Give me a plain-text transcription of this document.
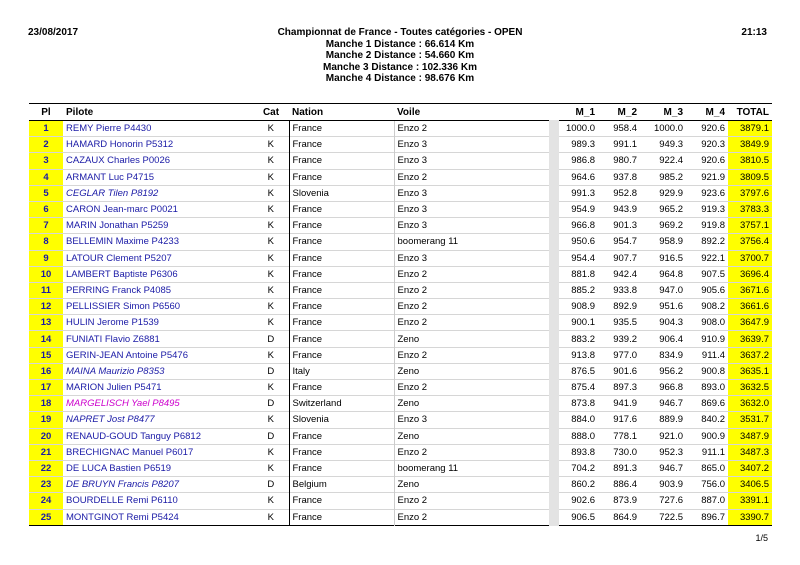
23/08/2017	Championnat de France - Toutes catégories - OPEN
Manche 1 Distance : 66.614 Km
Manche 2 Distance : 54.660 Km
Manche 3 Distance : 102.336 Km
Manche 4 Distance : 98.676 Km
21:13
Pl	Pilote	Cat	Nation	Voile	M_1	M_2	M_3	M_4	TOTAL
1	REMY Pierre P4430	K	France	Enzo 2	1000.0	958.4	1000.0	920.6	3879.1
2	HAMARD Honorin P5312	K	France	Enzo 3	989.3	991.1	949.3	920.3	3849.9
3	CAZAUX Charles P0026	K	France	Enzo 3	986.8	980.7	922.4	920.6	3810.5
4	ARMANT Luc P4715	K	France	Enzo 2	964.6	937.8	985.2	921.9	3809.5
5	CEGLAR Tilen P8192	K	Slovenia	Enzo 3	991.3	952.8	929.9	923.6	3797.6
6	CARON Jean-marc P0021	K	France	Enzo 3	954.9	943.9	965.2	919.3	3783.3
7	MARIN Jonathan P5259	K	France	Enzo 3	966.8	901.3	969.2	919.8	3757.1
8	BELLEMIN Maxime P4233	K	France	boomerang 11	950.6	954.7	958.9	892.2	3756.4
9	LATOUR Clement P5207	K	France	Enzo 3	954.4	907.7	916.5	922.1	3700.7
10	LAMBERT Baptiste P6306	K	France	Enzo 2	881.8	942.4	964.8	907.5	3696.4
11	PERRING Franck P4085	K	France	Enzo 2	885.2	933.8	947.0	905.6	3671.6
12	PELLISSIER Simon P6560	K	France	Enzo 2	908.9	892.9	951.6	908.2	3661.6
13	HULIN Jerome P1539	K	France	Enzo 2	900.1	935.5	904.3	908.0	3647.9
14	FUNIATI Flavio Z6881	D	France	Zeno	883.2	939.2	906.4	910.9	3639.7
15	GERIN-JEAN Antoine P5476	K	France	Enzo 2	913.8	977.0	834.9	911.4	3637.2
16	MAINA Maurizio P8353	D	Italy	Zeno	876.5	901.6	956.2	900.8	3635.1
17	MARION Julien P5471	K	France	Enzo 2	875.4	897.3	966.8	893.0	3632.5
18	MARGELISCH Yael P8495	D	Switzerland	Zeno	873.8	941.9	946.7	869.6	3632.0
19	NAPRET Jost P8477	K	Slovenia	Enzo 3	884.0	917.6	889.9	840.2	3531.7
20	RENAUD-GOUD Tanguy P6812	D	France	Zeno	888.0	778.1	921.0	900.9	3487.9
21	BRECHIGNAC Manuel P6017	K	France	Enzo 2	893.8	730.0	952.3	911.1	3487.3
22	DE LUCA Bastien P6519	K	France	boomerang 11	704.2	891.3	946.7	865.0	3407.2
23	DE BRUYN Francis P8207	D	Belgium	Zeno	860.2	886.4	903.9	756.0	3406.5
24	BOURDELLE Remi P6110	K	France	Enzo 2	902.6	873.9	727.6	887.0	3391.1
25	MONTGINOT Remi P5424	K	France	Enzo 2	906.5	864.9	722.5	896.7	3390.7
1/5
